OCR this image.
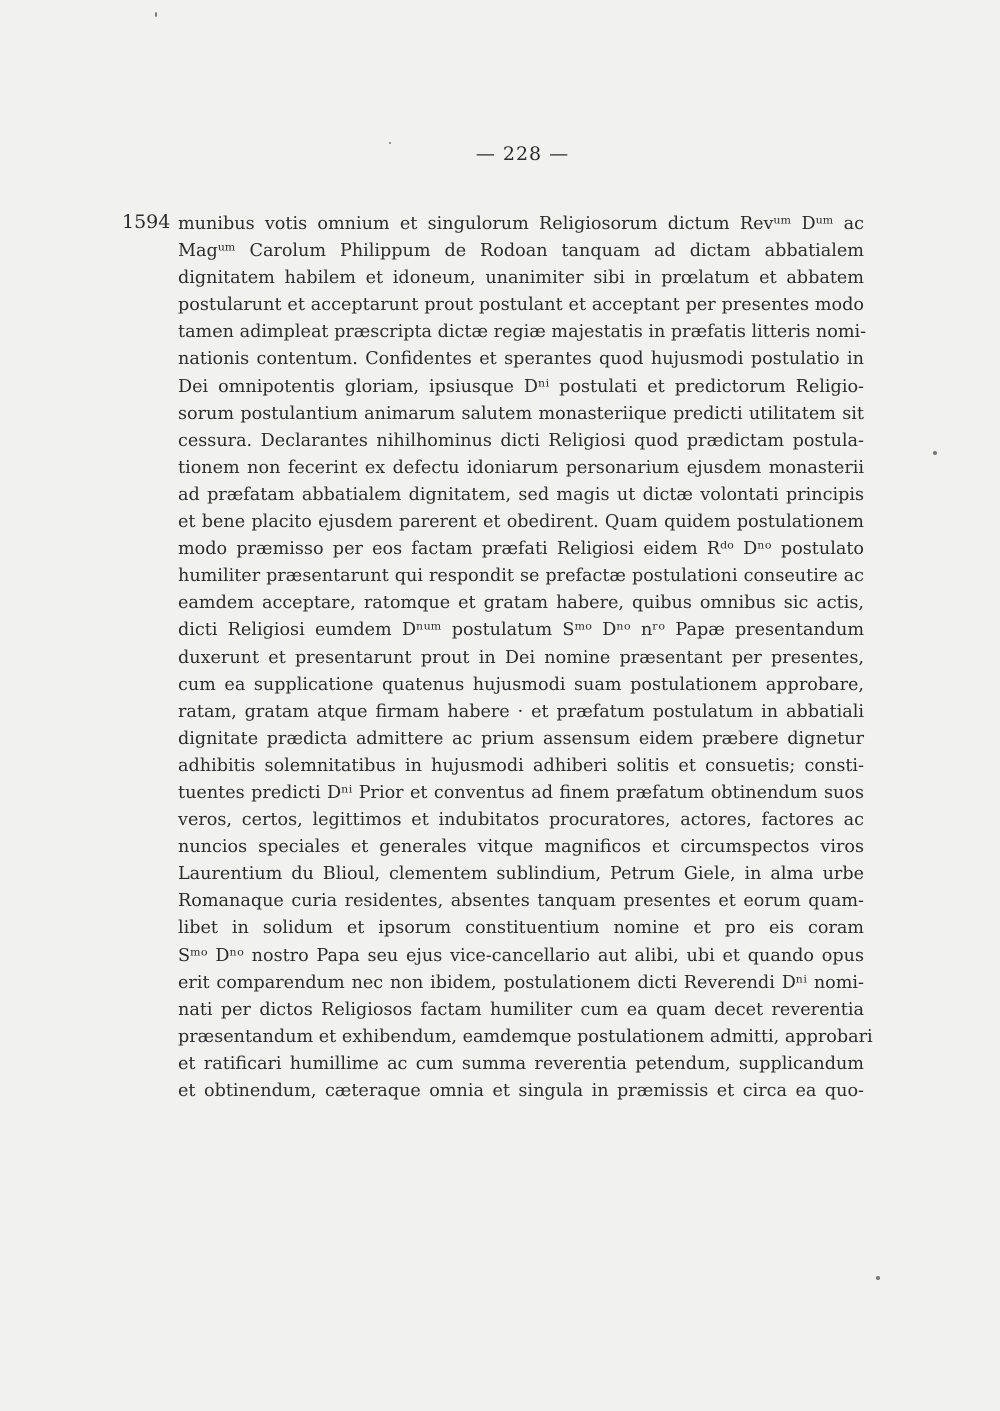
— 228 —
1594 munibus votis omnium et singulorum Religiosorum dictum Revᵘᵐ Dᵘᵐ ac
Magᵘᵐ Carolum Philippum de Rodoan tanquam ad dictam abbatialem
dignitatem habilem et idoneum, unanimiter sibi in prœlatum et abbatem
postularunt et acceptarunt prout postulant et acceptant per presentes modo
tamen adimpleat præscripta dictæ regiæ majestatis in præfatis litteris nomi-
nationis contentum. Confidentes et sperantes quod hujusmodi postulatio in
Dei omnipotentis gloriam, ipsiusque Dⁿⁱ postulati et predictorum Religio-
sorum postulantium animarum salutem monasteriique predicti utilitatem sit
cessura. Declarantes nihilhominus dicti Religiosi quod prædictam postula-
tionem non fecerint ex defectu idoniarum personarium ejusdem monasterii
ad præfatam abbatialem dignitatem, sed magis ut dictæ volontati principis
et bene placito ejusdem parerent et obedirent. Quam quidem postulationem
modo præmisso per eos factam præfati Religiosi eidem Rᵈᵒ Dⁿᵒ postulato
humiliter præsentarunt qui respondit se prefactæ postulationi conseutire ac
eamdem acceptare, ratomque et gratam habere, quibus omnibus sic actis,
dicti Religiosi eumdem Dⁿᵘᵐ postulatum Sᵐᵒ Dⁿᵒ nʳᵒ Papæ presentandum
duxerunt et presentarunt prout in Dei nomine præsentant per presentes,
cum ea supplicatione quatenus hujusmodi suam postulationem approbare,
ratam, gratam atque firmam habere · et præfatum postulatum in abbatiali
dignitate prædicta admittere ac prium assensum eidem præbere dignetur
adhibitis solemnitatibus in hujusmodi adhiberi solitis et consuetis; consti-
tuentes predicti Dⁿⁱ Prior et conventus ad finem præfatum obtinendum suos
veros, certos, legittimos et indubitatos procuratores, actores, factores ac
nuncios speciales et generales vitque magnificos et circumspectos viros
Laurentium du Blioul, clementem sublindium, Petrum Giele, in alma urbe
Romanaque curia residentes, absentes tanquam presentes et eorum quam-
libet in solidum et ipsorum constituentium nomine et pro eis coram
Sᵐᵒ Dⁿᵒ nostro Papa seu ejus vice-cancellario aut alibi, ubi et quando opus
erit comparendum nec non ibidem, postulationem dicti Reverendi Dⁿⁱ nomi-
nati per dictos Religiosos factam humiliter cum ea quam decet reverentia
præsentandum et exhibendum, eamdemque postulationem admitti, approbari
et ratificari humillime ac cum summa reverentia petendum, supplicandum
et obtinendum, cæteraque omnia et singula in præmissis et circa ea quo-
